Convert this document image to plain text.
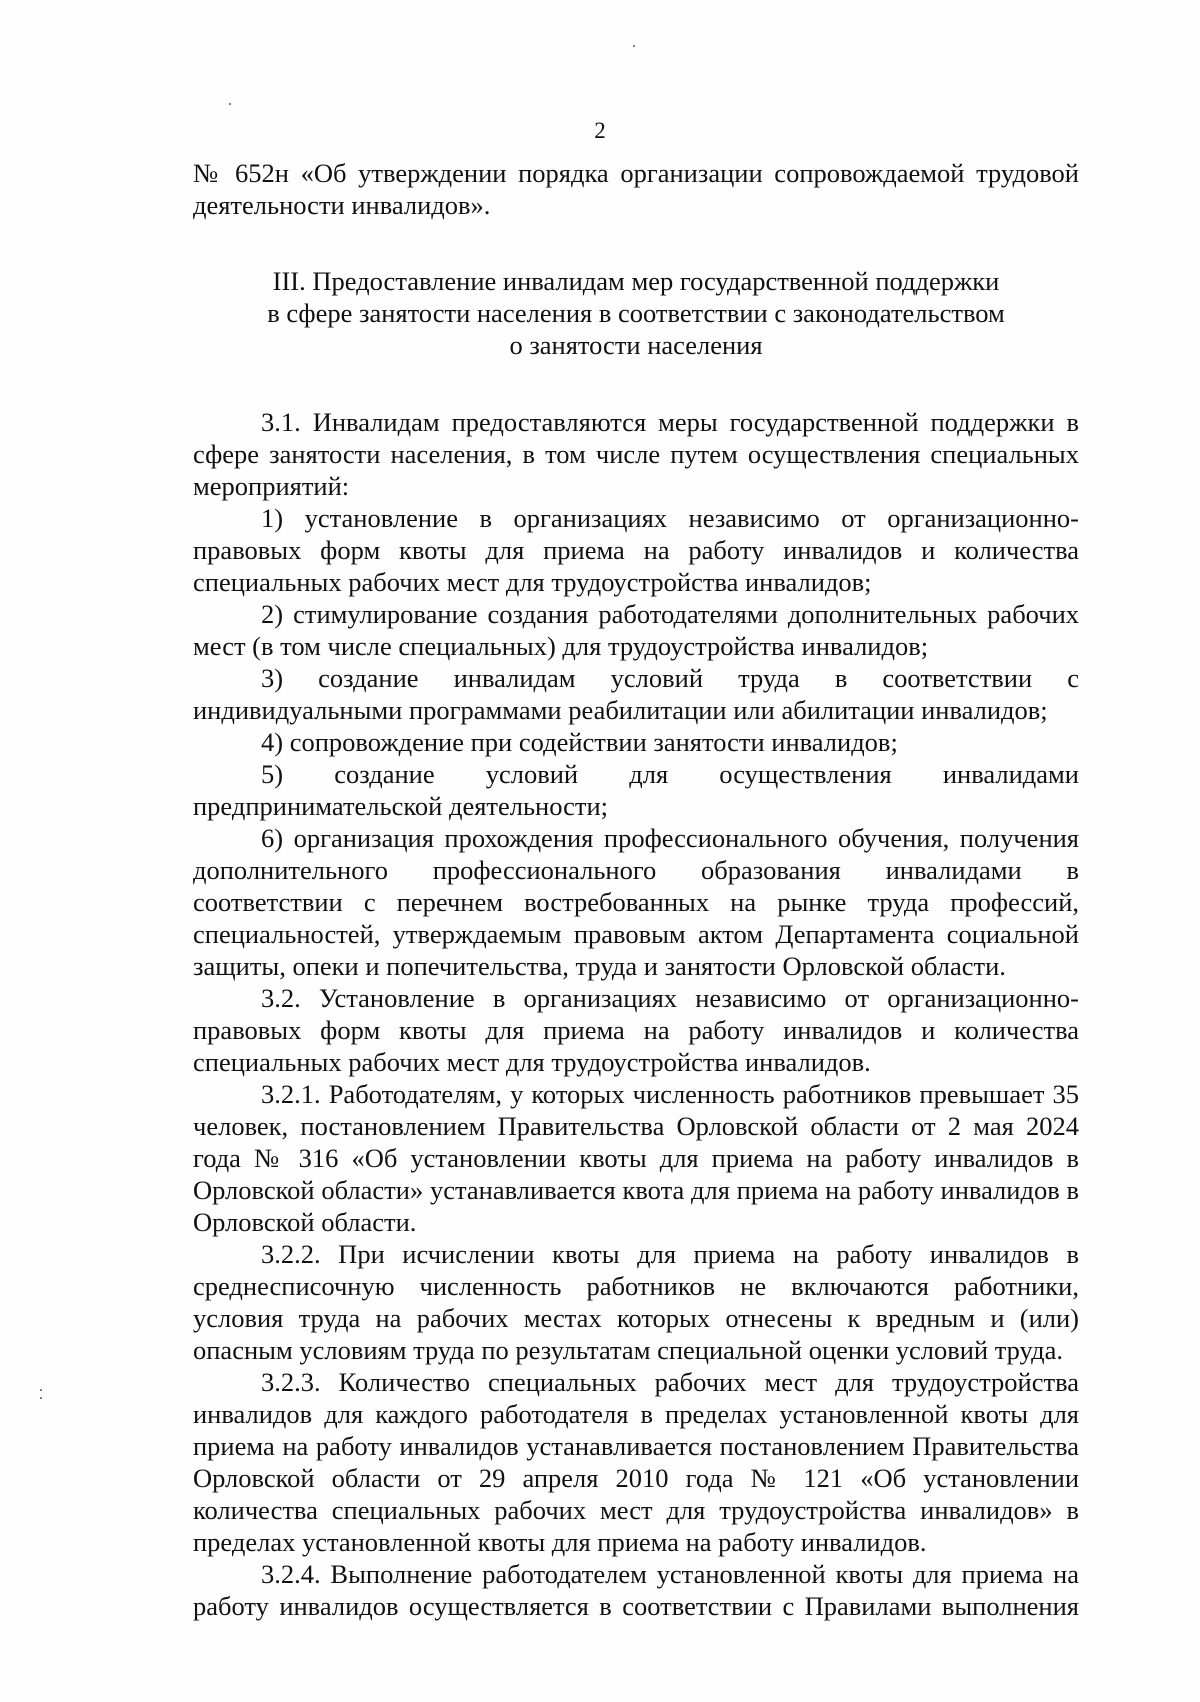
2

№ 652н «Об утверждении порядка организации сопровождаемой трудовой деятельности инвалидов».

III. Предоставление инвалидам мер государственной поддержки
в сфере занятости населения в соответствии с законодательством
о занятости населения

3.1. Инвалидам предоставляются меры государственной поддержки в сфере занятости населения, в том числе путем осуществления специальных мероприятий:

1) установление в организациях независимо от организационно-правовых форм квоты для приема на работу инвалидов и количества специальных рабочих мест для трудоустройства инвалидов;

2) стимулирование создания работодателями дополнительных рабочих мест (в том числе специальных) для трудоустройства инвалидов;

3) создание инвалидам условий труда в соответствии с индивидуальными программами реабилитации или абилитации инвалидов;

4) сопровождение при содействии занятости инвалидов;

5) создание условий для осуществления инвалидами предпринимательской деятельности;

6) организация прохождения профессионального обучения, получения дополнительного профессионального образования инвалидами в соответствии с перечнем востребованных на рынке труда профессий, специальностей, утверждаемым правовым актом Департамента социальной защиты, опеки и попечительства, труда и занятости Орловской области.

3.2. Установление в организациях независимо от организационно-правовых форм квоты для приема на работу инвалидов и количества специальных рабочих мест для трудоустройства инвалидов.

3.2.1. Работодателям, у которых численность работников превышает 35 человек, постановлением Правительства Орловской области от 2 мая 2024 года № 316 «Об установлении квоты для приема на работу инвалидов в Орловской области» устанавливается квота для приема на работу инвалидов в Орловской области.

3.2.2. При исчислении квоты для приема на работу инвалидов в среднесписочную численность работников не включаются работники, условия труда на рабочих местах которых отнесены к вредным и (или) опасным условиям труда по результатам специальной оценки условий труда.

3.2.3. Количество специальных рабочих мест для трудоустройства инвалидов для каждого работодателя в пределах установленной квоты для приема на работу инвалидов устанавливается постановлением Правительства Орловской области от 29 апреля 2010 года № 121 «Об установлении количества специальных рабочих мест для трудоустройства инвалидов» в пределах установленной квоты для приема на работу инвалидов.

3.2.4. Выполнение работодателем установленной квоты для приема на работу инвалидов осуществляется в соответствии с Правилами выполнения
